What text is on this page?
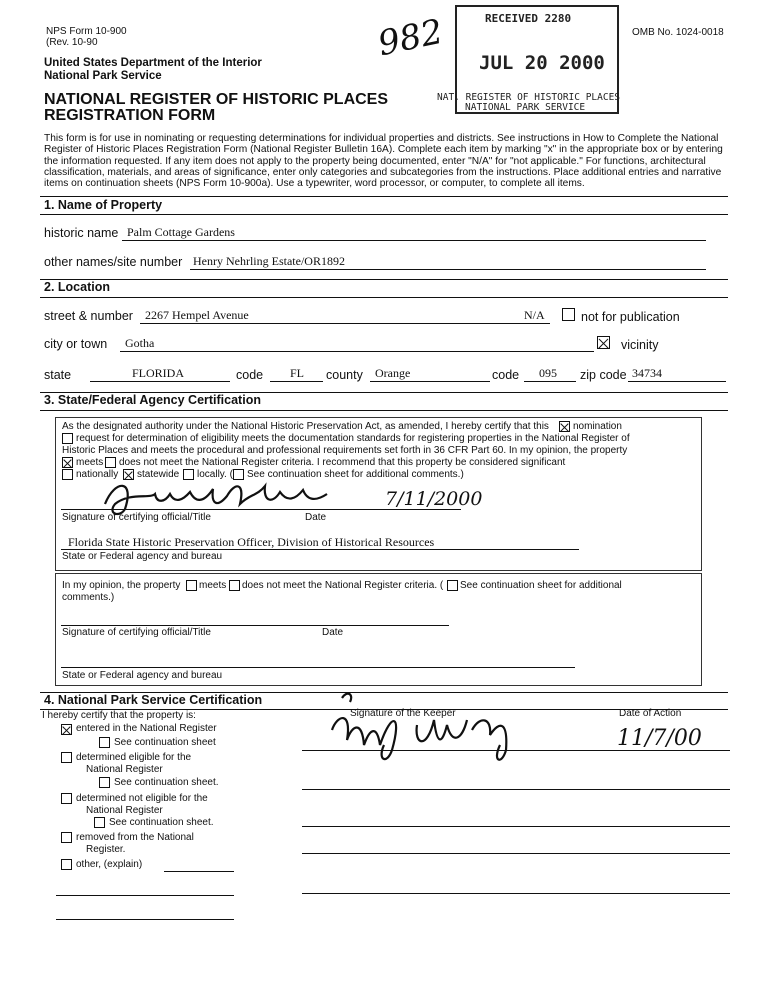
NPS Form 10-900
(Rev. 10-90
OMB No. 1024-0018
United States Department of the Interior
National Park Service
NATIONAL REGISTER OF HISTORIC PLACES
REGISTRATION FORM
This form is for use in nominating or requesting determinations for individual properties and districts. See instructions in How to Complete the National Register of Historic Places Registration Form (National Register Bulletin 16A). Complete each item by marking "x" in the appropriate box or by entering the information requested. If any item does not apply to the property being documented, enter "N/A" for "not applicable." For functions, architectural classification, materials, and areas of significance, enter only categories and subcategories from the instructions. Place additional entries and narrative items on continuation sheets (NPS Form 10-900a). Use a typewriter, word processor, or computer, to complete all items.
RECEIVED 2280
JUL 20 2000
NAT. REGISTER OF HISTORIC PLACES
NATIONAL PARK SERVICE
982
1. Name of Property
historic name Palm Cottage Gardens
other names/site number Henry Nehrling Estate/OR1892
2. Location
street & number 2267 Hempel Avenue	N/A	not for publication
city or town Gotha	vicinity
state	FLORIDA	code FL county Orange	code 095 zip code 34734
3. State/Federal Agency Certification
As the designated authority under the National Historic Preservation Act, as amended, I hereby certify that this nomination
request for determination of eligibility meets the documentation standards for registering properties in the National Register of
Historic Places and meets the procedural and professional requirements set forth in 36 CFR Part 60. In my opinion, the property
meets does not meet the National Register criteria. I recommend that this property be considered significant
nationally statewide locally. ( See continuation sheet for additional comments.)
7/11/2000
Signature of certifying official/Title	Date
Florida State Historic Preservation Officer, Division of Historical Resources
State or Federal agency and bureau
In my opinion, the property meets does not meet the National Register criteria. ( See continuation sheet for additional
comments.)
Signature of certifying official/Title	Date
State or Federal agency and bureau
4. National Park Service Certification
I hereby certify that the property is:	Signature of the Keeper	Date of Action
11/7/00
entered in the National Register
See continuation sheet
determined eligible for the
National Register
See continuation sheet.
determined not eligible for the
National Register
See continuation sheet.
removed from the National
Register.
other, (explain)
